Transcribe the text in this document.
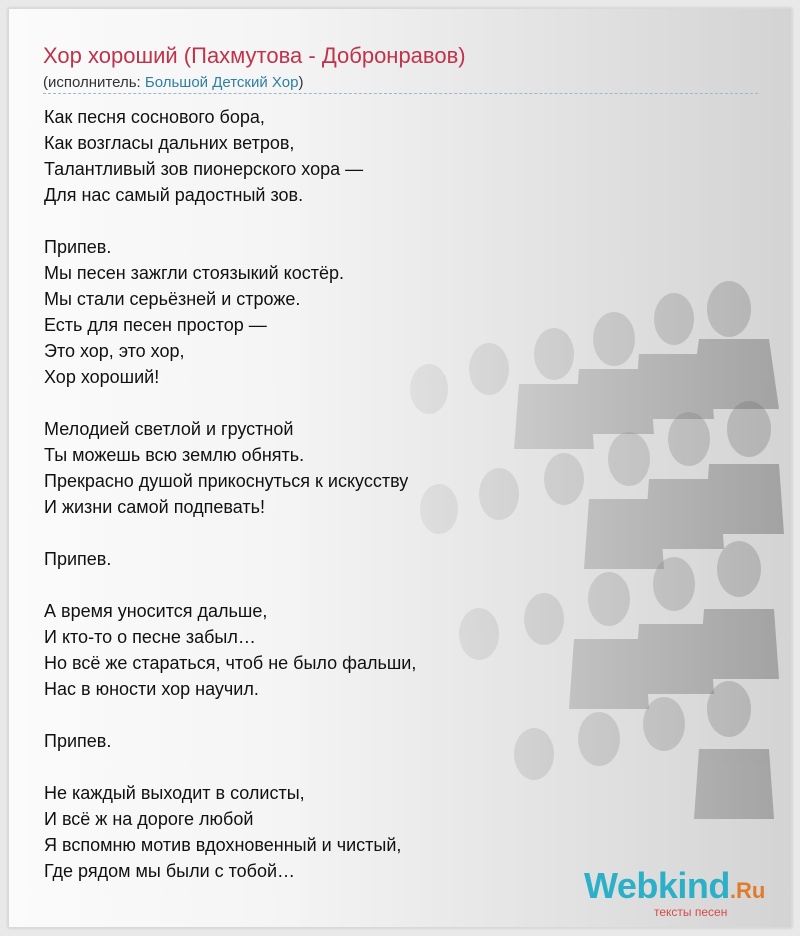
Хор хороший (Пахмутова - Добронравов)
(исполнитель: Большой Детский Хор)
Как песня соснового бора,
Как возгласы дальних ветров,
Талантливый зов пионерского хора —
Для нас самый радостный зов.
Припев.
Мы песен зажгли стоязыкий костёр.
Мы стали серьёзней и строже.
Есть для песен простор —
Это хор, это хор,
Хор хороший!
Мелодией светлой и грустной
Ты можешь всю землю обнять.
Прекрасно душой прикоснуться к искусству
И жизни самой подпевать!
Припев.
А время уносится дальше,
И кто-то о песне забыл…
Но всё же стараться, чтоб не было фальши,
Нас в юности хор научил.
Припев.
Не каждый выходит в солисты,
И всё ж на дороге любой
Я вспомню мотив вдохновенный и чистый,
Где рядом мы были с тобой…	Webkind.Ru
тексты песен
